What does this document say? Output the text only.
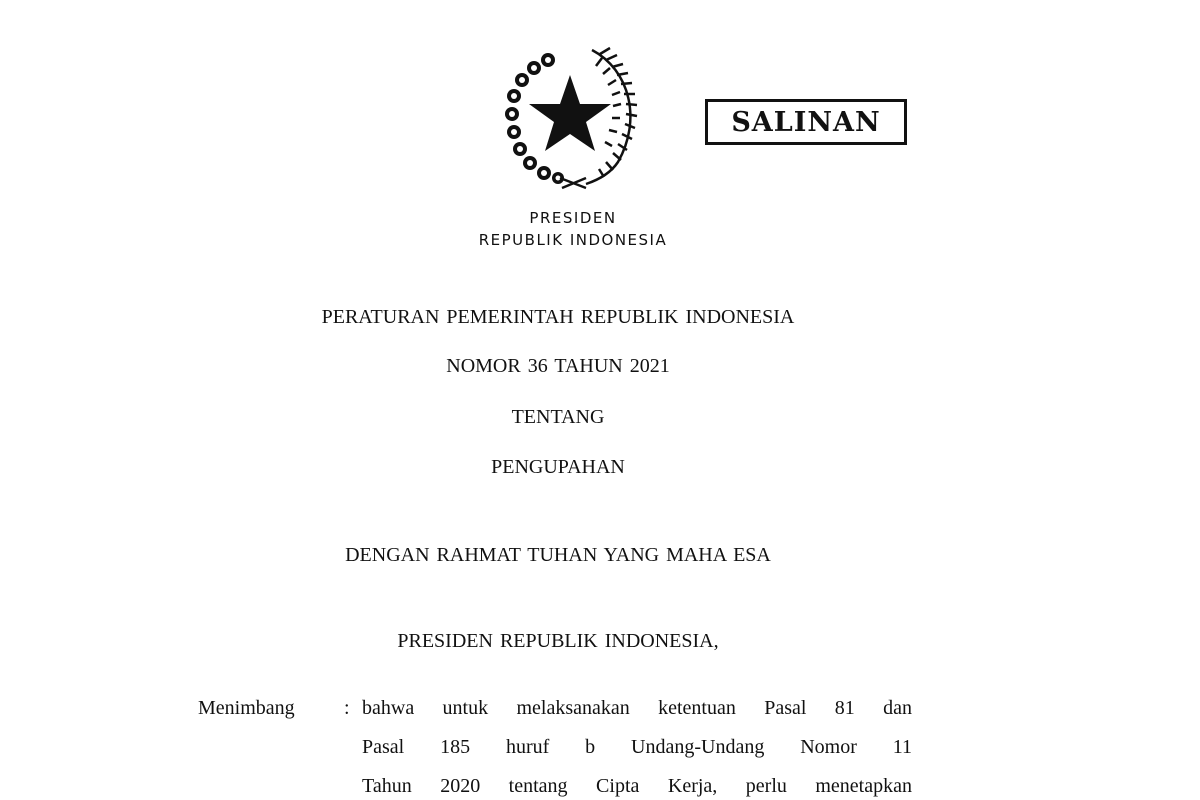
SALINAN
PRESIDEN
REPUBLIK INDONESIA
PERATURAN PEMERINTAH REPUBLIK INDONESIA
NOMOR 36 TAHUN 2021
TENTANG
PENGUPAHAN
DENGAN RAHMAT TUHAN YANG MAHA ESA
PRESIDEN REPUBLIK INDONESIA,
Menimbang : bahwa untuk melaksanakan ketentuan Pasal 81 dan
Pasal 185 huruf b Undang-Undang Nomor 11
Tahun 2020 tentang Cipta Kerja, perlu menetapkan
